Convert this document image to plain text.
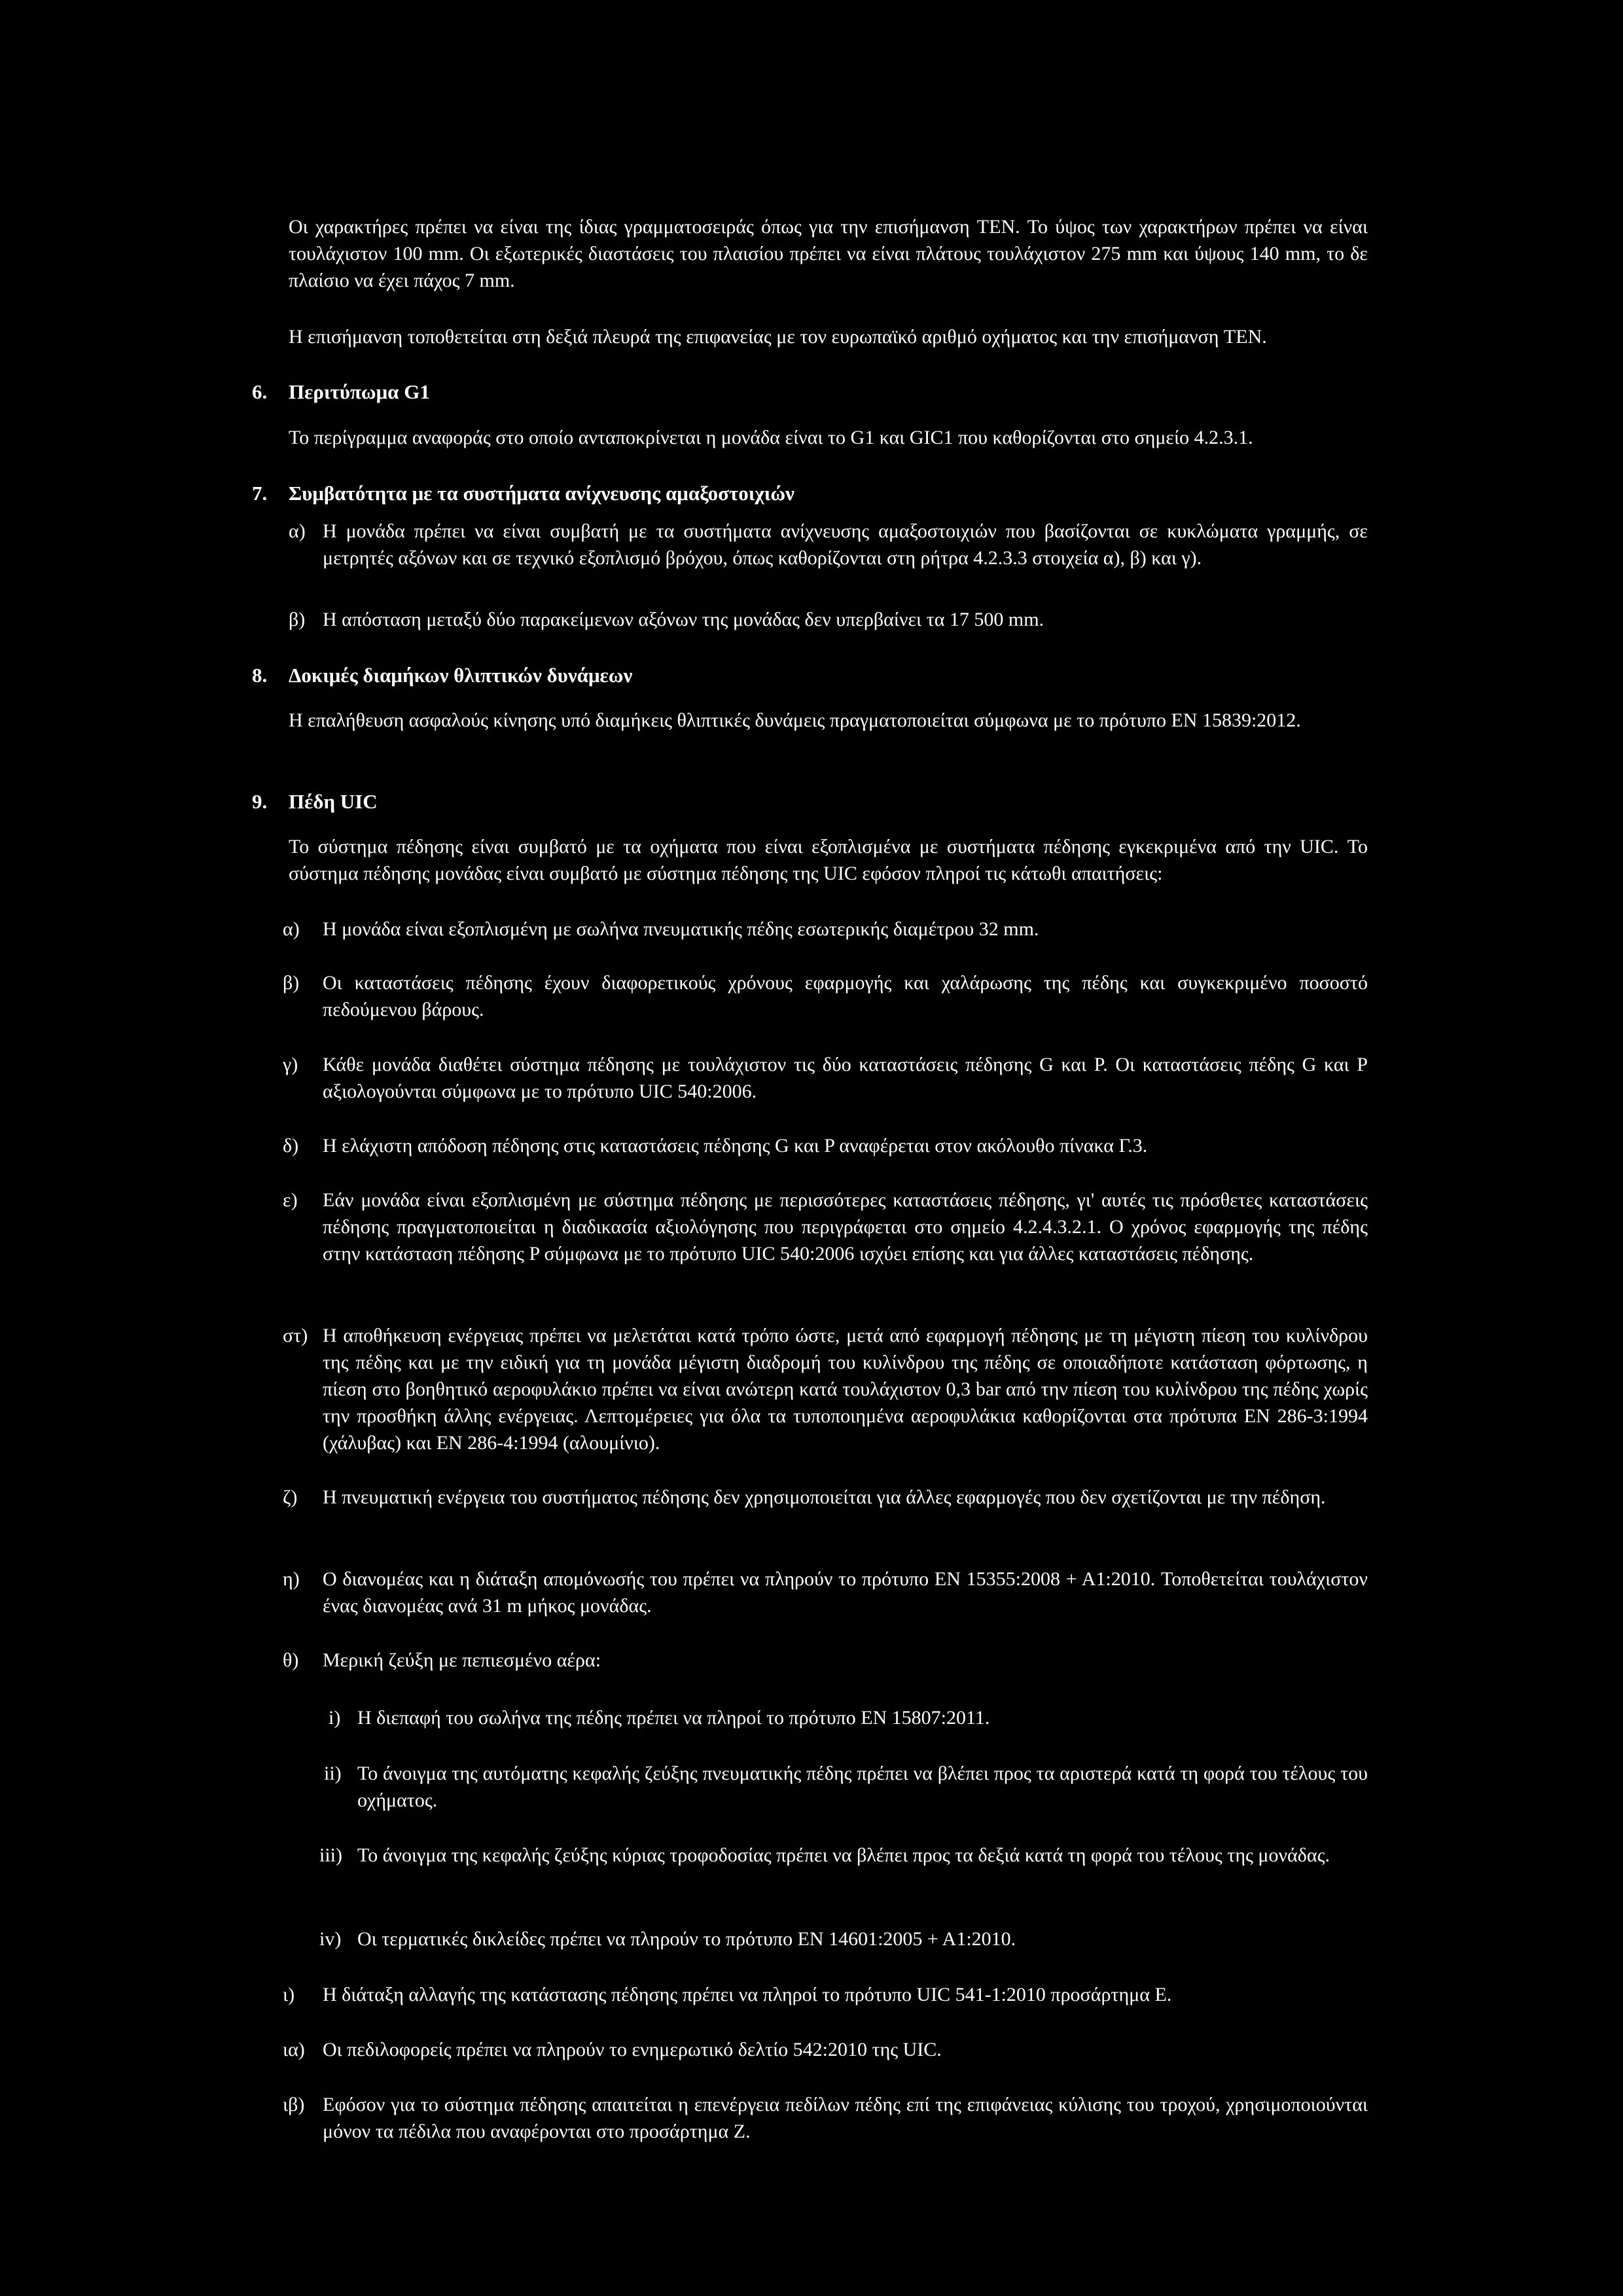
Οι χαρακτήρες πρέπει να είναι της ίδιας γραμματοσειράς όπως για την επισήμανση TEN. Το ύψος των χαρακτήρων πρέπει να είναι τουλάχιστον 100 mm. Οι εξωτερικές διαστάσεις του πλαισίου πρέπει να είναι πλάτους τουλάχιστον 275 mm και ύψους 140 mm, το δε πλαίσιο να έχει πάχος 7 mm.

Η επισήμανση τοποθετείται στη δεξιά πλευρά της επιφανείας με τον ευρωπαϊκό αριθμό οχήματος και την επισήμανση TEN.

6. Περιτύπωμα G1

Το περίγραμμα αναφοράς στο οποίο ανταποκρίνεται η μονάδα είναι το G1 και GIC1 που καθορίζονται στο σημείο 4.2.3.1.

7. Συμβατότητα με τα συστήματα ανίχνευσης αμαξοστοιχιών
α) Η μονάδα πρέπει να είναι συμβατή με τα συστήματα ανίχνευσης αμαξοστοιχιών που βασίζονται σε κυκλώματα γραμμής, σε μετρητές αξόνων και σε τεχνικό εξοπλισμό βρόχου, όπως καθορίζονται στη ρήτρα 4.2.3.3 στοιχεία α), β) και γ).

β) Η απόσταση μεταξύ δύο παρακείμενων αξόνων της μονάδας δεν υπερβαίνει τα 17 500 mm.

8. Δοκιμές διαμήκων θλιπτικών δυνάμεων

Η επαλήθευση ασφαλούς κίνησης υπό διαμήκεις θλιπτικές δυνάμεις πραγματοποιείται σύμφωνα με το πρότυπο EN 15839:2012.

9. Πέδη UIC

Το σύστημα πέδησης είναι συμβατό με τα οχήματα που είναι εξοπλισμένα με συστήματα πέδησης εγκεκριμένα από την UIC. Το σύστημα πέδησης μονάδας είναι συμβατό με σύστημα πέδησης της UIC εφόσον πληροί τις κάτωθι απαιτήσεις:

α) Η μονάδα είναι εξοπλισμένη με σωλήνα πνευματικής πέδης εσωτερικής διαμέτρου 32 mm.

β) Οι καταστάσεις πέδησης έχουν διαφορετικούς χρόνους εφαρμογής και χαλάρωσης της πέδης και συγκεκριμένο ποσοστό πεδούμενου βάρους.

γ) Κάθε μονάδα διαθέτει σύστημα πέδησης με τουλάχιστον τις δύο καταστάσεις πέδησης G και P. Οι καταστάσεις πέδης G και P αξιολογούνται σύμφωνα με το πρότυπο UIC 540:2006.

δ) Η ελάχιστη απόδοση πέδησης στις καταστάσεις πέδησης G και P αναφέρεται στον ακόλουθο πίνακα Γ.3.

ε) Εάν μονάδα είναι εξοπλισμένη με σύστημα πέδησης με περισσότερες καταστάσεις πέδησης, γι' αυτές τις πρόσθετες καταστάσεις πέδησης πραγματοποιείται η διαδικασία αξιολόγησης που περιγράφεται στο σημείο 4.2.4.3.2.1. Ο χρόνος εφαρμογής της πέδης στην κατάσταση πέδησης P σύμφωνα με το πρότυπο UIC 540:2006 ισχύει επίσης και για άλλες καταστάσεις πέδησης.

στ) Η αποθήκευση ενέργειας πρέπει να μελετάται κατά τρόπο ώστε, μετά από εφαρμογή πέδησης με τη μέγιστη πίεση του κυλίνδρου της πέδης και με την ειδική για τη μονάδα μέγιστη διαδρομή του κυλίνδρου της πέδης σε οποιαδήποτε κατάσταση φόρτωσης, η πίεση στο βοηθητικό αεροφυλάκιο πρέπει να είναι ανώτερη κατά τουλάχιστον 0,3 bar από την πίεση του κυλίνδρου της πέδης χωρίς την προσθήκη άλλης ενέργειας. Λεπτομέρειες για όλα τα τυποποιημένα αεροφυλάκια καθορίζονται στα πρότυπα EN 286-3:1994 (χάλυβας) και EN 286-4:1994 (αλουμίνιο).

ζ) Η πνευματική ενέργεια του συστήματος πέδησης δεν χρησιμοποιείται για άλλες εφαρμογές που δεν σχετίζονται με την πέδηση.

η) Ο διανομέας και η διάταξη απομόνωσής του πρέπει να πληρούν το πρότυπο EN 15355:2008 + A1:2010. Τοποθετείται τουλάχιστον ένας διανομέας ανά 31 m μήκος μονάδας.

θ) Μερική ζεύξη με πεπιεσμένο αέρα:

i) Η διεπαφή του σωλήνα της πέδης πρέπει να πληροί το πρότυπο EN 15807:2011.

ii) Το άνοιγμα της αυτόματης κεφαλής ζεύξης πνευματικής πέδης πρέπει να βλέπει προς τα αριστερά κατά τη φορά του τέλους του οχήματος.

iii) Το άνοιγμα της κεφαλής ζεύξης κύριας τροφοδοσίας πρέπει να βλέπει προς τα δεξιά κατά τη φορά του τέλους της μονάδας.

iv) Οι τερματικές δικλείδες πρέπει να πληρούν το πρότυπο EN 14601:2005 + A1:2010.

ι) Η διάταξη αλλαγής της κατάστασης πέδησης πρέπει να πληροί το πρότυπο UIC 541-1:2010 προσάρτημα Ε.

ια) Οι πεδιλοφορείς πρέπει να πληρούν το ενημερωτικό δελτίο 542:2010 της UIC.

ιβ) Εφόσον για το σύστημα πέδησης απαιτείται η επενέργεια πεδίλων πέδης επί της επιφάνειας κύλισης του τροχού, χρησιμοποιούνται μόνον τα πέδιλα που αναφέρονται στο προσάρτημα Ζ.
